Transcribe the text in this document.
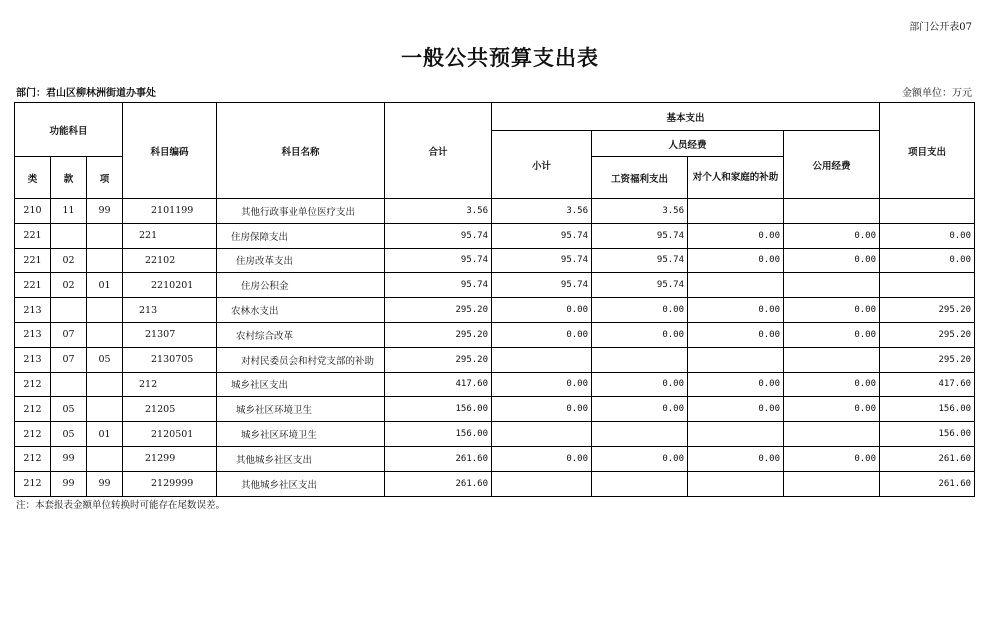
部门公开表07
一般公共预算支出表
部门：君山区柳林洲街道办事处	金额单位：万元
功能科目			科目编码	科目名称	合计	基本支出				项目支出
						小计	人员经费		公用经费	
类	款	项					工资福利支出	对个人和家庭的补助		
210	11	99	2101199	其他行政事业单位医疗支出	3.56	3.56	3.56			
221			221	住房保障支出	95.74	95.74	95.74	0.00	0.00	0.00
221	02		22102	住房改革支出	95.74	95.74	95.74	0.00	0.00	0.00
221	02	01	2210201	住房公积金	95.74	95.74	95.74			
213			213	农林水支出	295.20	0.00	0.00	0.00	0.00	295.20
213	07		21307	农村综合改革	295.20	0.00	0.00	0.00	0.00	295.20
213	07	05	2130705	对村民委员会和村党支部的补助	295.20					295.20
212			212	城乡社区支出	417.60	0.00	0.00	0.00	0.00	417.60
212	05		21205	城乡社区环境卫生	156.00	0.00	0.00	0.00	0.00	156.00
212	05	01	2120501	城乡社区环境卫生	156.00					156.00
212	99		21299	其他城乡社区支出	261.60	0.00	0.00	0.00	0.00	261.60
212	99	99	2129999	其他城乡社区支出	261.60					261.60
注：本套报表金额单位转换时可能存在尾数误差。
